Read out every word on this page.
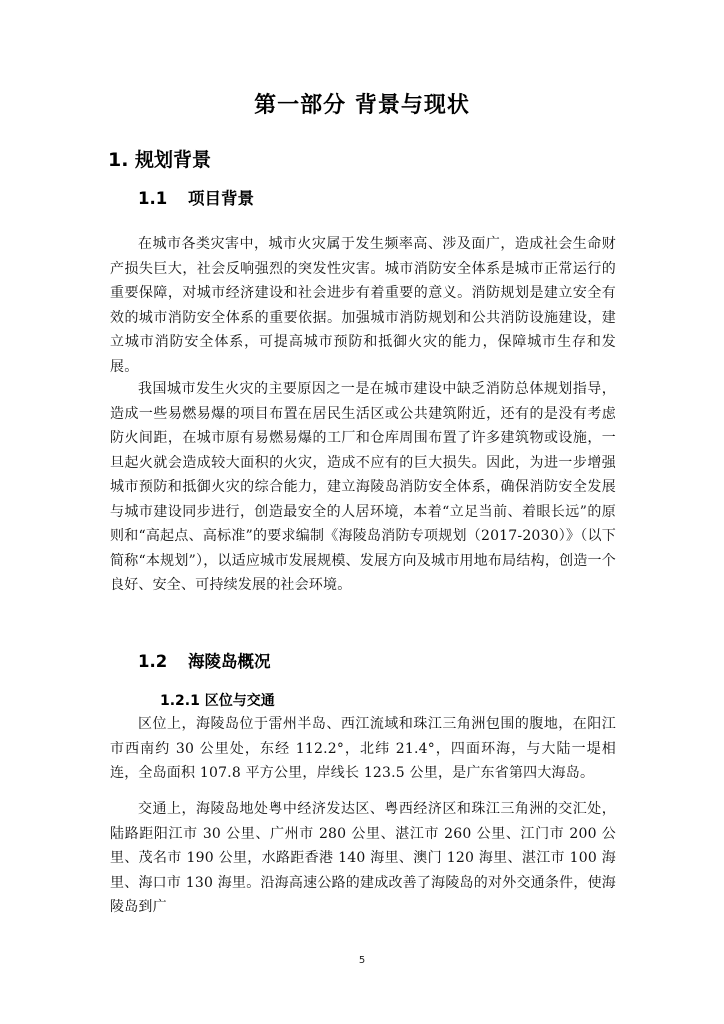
第一部分 背景与现状
1. 规划背景
1.1 项目背景
在城市各类灾害中，城市火灾属于发生频率高、涉及面广，造成社会生命财产损失巨大，社会反响强烈的突发性灾害。城市消防安全体系是城市正常运行的重要保障，对城市经济建设和社会进步有着重要的意义。消防规划是建立安全有效的城市消防安全体系的重要依据。加强城市消防规划和公共消防设施建设，建立城市消防安全体系，可提高城市预防和抵御火灾的能力，保障城市生存和发展。
我国城市发生火灾的主要原因之一是在城市建设中缺乏消防总体规划指导，造成一些易燃易爆的项目布置在居民生活区或公共建筑附近，还有的是没有考虑防火间距，在城市原有易燃易爆的工厂和仓库周围布置了许多建筑物或设施，一旦起火就会造成较大面积的火灾，造成不应有的巨大损失。因此，为进一步增强城市预防和抵御火灾的综合能力，建立海陵岛消防安全体系，确保消防安全发展与城市建设同步进行，创造最安全的人居环境，本着“立足当前、着眼长远”的原则和“高起点、高标准”的要求编制《海陵岛消防专项规划（2017-2030）》（以下简称“本规划”），以适应城市发展规模、发展方向及城市用地布局结构，创造一个良好、安全、可持续发展的社会环境。
1.2 海陵岛概况
1.2.1 区位与交通
区位上，海陵岛位于雷州半岛、西江流域和珠江三角洲包围的腹地，在阳江市西南约 30 公里处，东经 112.2°，北纬 21.4°，四面环海，与大陆一堤相连，全岛面积 107.8 平方公里，岸线长 123.5 公里，是广东省第四大海岛。
交通上，海陵岛地处粤中经济发达区、粤西经济区和珠江三角洲的交汇处，陆路距阳江市 30 公里、广州市 280 公里、湛江市 260 公里、江门市 200 公里、茂名市 190 公里，水路距香港 140 海里、澳门 120 海里、湛江市 100 海里、海口市 130 海里。沿海高速公路的建成改善了海陵岛的对外交通条件，使海陵岛到广
5
